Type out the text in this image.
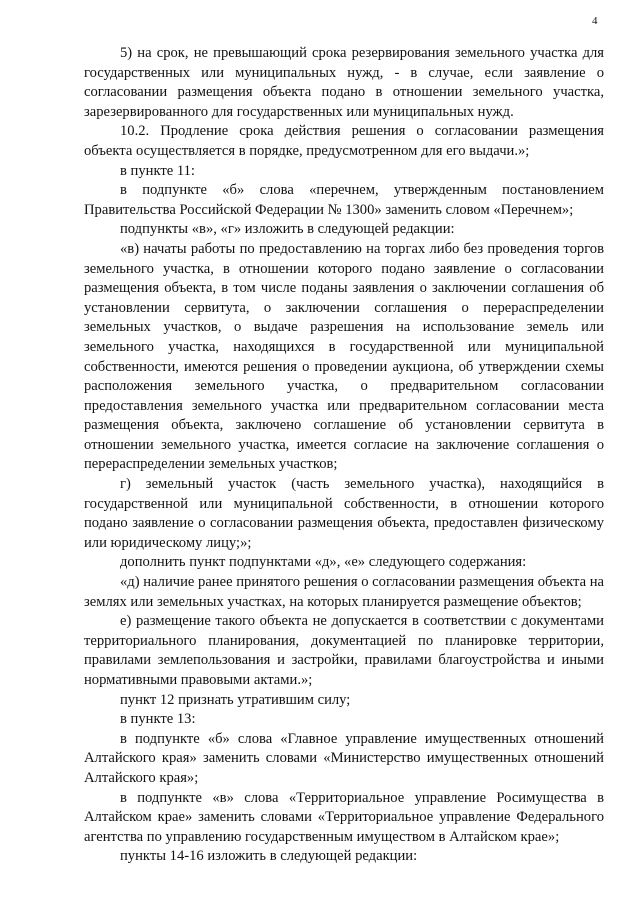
4

5) на срок, не превышающий срока резервирования земельного участка для государственных или муниципальных нужд, - в случае, если заявление о согласовании размещения объекта подано в отношении земельного участка, зарезервированного для государственных или муниципальных нужд.

10.2. Продление срока действия решения о согласовании размещения объекта осуществляется в порядке, предусмотренном для его выдачи.»;

в пункте 11:

в подпункте «б» слова «перечнем, утвержденным постановлением Правительства Российской Федерации № 1300» заменить словом «Перечнем»;

подпункты «в», «г» изложить в следующей редакции:

«в) начаты работы по предоставлению на торгах либо без проведения торгов земельного участка, в отношении которого подано заявление о согласовании размещения объекта, в том числе поданы заявления о заключении соглашения об установлении сервитута, о заключении соглашения о перераспределении земельных участков, о выдаче разрешения на использование земель или земельного участка, находящихся в государственной или муниципальной собственности, имеются решения о проведении аукциона, об утверждении схемы расположения земельного участка, о предварительном согласовании предоставления земельного участка или предварительном согласовании места размещения объекта, заключено соглашение об установлении сервитута в отношении земельного участка, имеется согласие на заключение соглашения о перераспределении земельных участков;

г) земельный участок (часть земельного участка), находящийся в государственной или муниципальной собственности, в отношении которого подано заявление о согласовании размещения объекта, предоставлен физическому или юридическому лицу;»;

дополнить пункт подпунктами «д», «е» следующего содержания:

«д) наличие ранее принятого решения о согласовании размещения объекта на землях или земельных участках, на которых планируется размещение объектов;

е) размещение такого объекта не допускается в соответствии с документами территориального планирования, документацией по планировке территории, правилами землепользования и застройки, правилами благоустройства и иными нормативными правовыми актами.»;

пункт 12 признать утратившим силу;

в пункте 13:

в подпункте «б» слова «Главное управление имущественных отношений Алтайского края» заменить словами «Министерство имущественных отношений Алтайского края»;

в подпункте «в» слова «Территориальное управление Росимущества в Алтайском крае» заменить словами «Территориальное управление Федерального агентства по управлению государственным имуществом в Алтайском крае»;

пункты 14-16 изложить в следующей редакции:
